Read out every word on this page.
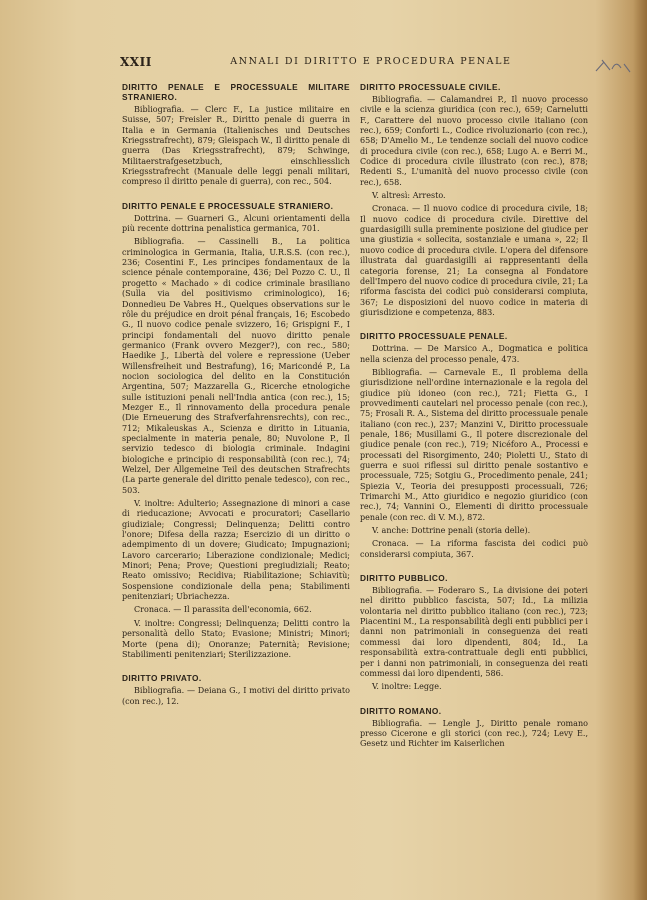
XXII	ANNALI DI DIRITTO E PROCEDURA PENALE
DIRITTO PENALE E PROCESSUALE MILITARE STRANIERO.

Bibliografia. — Clerc F., La justice militaire en Suisse, 507; Freisler R., Diritto penale di guerra in Italia e in Germania (Italienisches und Deutsches Kriegsstrafrecht), 879; Gleispach W., Il diritto penale di guerra (Das Kriegsstrafrecht), 879; Schwinge, Militaerstrafgesetzbuch, einschliesslich Kriegsstrafrecht (Manuale delle leggi penali militari, compreso il diritto penale di guerra), con rec., 504.

DIRITTO PENALE E PROCESSUALE STRANIERO.

Dottrina. — Guarneri G., Alcuni orientamenti della più recente dottrina penalistica germanica, 701.

Bibliografia. — Cassinelli B., La politica criminologica in Germania, Italia, U.R.S.S. (con rec.), 236; Cosentini F., Les principes fondamentaux de la science pénale contemporaine, 436; Del Pozzo C. U., Il progetto « Machado » di codice criminale brasiliano (Sulla via del positivismo criminologico), 16; Donnedieu De Vabres H., Quelques observations sur le rôle du préjudice en droit pénal français, 16; Escobedo G., Il nuovo codice penale svizzero, 16; Grispigni F., I principi fondamentali del nuovo diritto penale germanico (Frank ovvero Mezger?), con rec., 580; Haedike J., Libertà del volere e repressione (Ueber Willensfreiheit und Bestrafung), 16; Maricondé P., La nocion sociologica del delito en la Constitución Argentina, 507; Mazzarella G., Ricerche etnologiche sulle istituzioni penali nell'India antica (con rec.), 15; Mezger E., Il rinnovamento della procedura penale (Die Erneuerung des Strafverfahrensrechts), con rec., 712; Mikaleuskas A., Scienza e diritto in Lituania, specialmente in materia penale, 80; Nuvolone P., Il servizio tedesco di biologia criminale. Indagini biologiche e principio di responsabilità (con rec.), 74; Welzel, Der Allgemeine Teil des deutschen Strafrechts (La parte generale del diritto penale tedesco), con rec., 503.

V. inoltre: Adulterio; Assegnazione di minori a case di rieducazione; Avvocati e procuratori; Casellario giudiziale; Congressi; Delinquenza; Delitti contro l'onore; Difesa della razza; Esercizio di un diritto o adempimento di un dovere; Giudicato; Impugnazioni; Lavoro carcerario; Liberazione condizionale; Medici; Minori; Pena; Prove; Questioni pregiudiziali; Reato; Reato omissivo; Recidiva; Riabilitazione; Schiavitù; Sospensione condizionale della pena; Stabilimenti penitenziari; Ubriachezza.

Cronaca. — Il parassita dell'economia, 662.

V. inoltre: Congressi; Delinquenza; Delitti contro la personalità dello Stato; Evasione; Ministri; Minori; Morte (pena di); Onoranze; Paternità; Revisione; Stabilimenti penitenziari; Sterilizzazione.

DIRITTO PRIVATO.

Bibliografia. — Deiana G., I motivi del diritto privato (con rec.), 12.

DIRITTO PROCESSUALE CIVILE.

Bibliografia. — Calamandrei P., Il nuovo processo civile e la scienza giuridica (con rec.), 659; Carnelutti F., Carattere del nuovo processo civile italiano (con rec.), 659; Conforti L., Codice rivoluzionario (con rec.), 658; D'Amelio M., Le tendenze sociali del nuovo codice di procedura civile (con rec.), 658; Lugo A. e Berri M., Codice di procedura civile illustrato (con rec.), 878; Redenti S., L'umanità del nuovo processo civile (con rec.), 658.

V. altresì: Arresto.

Cronaca. — Il nuovo codice di procedura civile, 18; Il nuovo codice di procedura civile. Direttive del guardasigilli sulla preminente posizione del giudice per una giustizia « sollecita, sostanziale e umana », 22; Il nuovo codice di procedura civile. L'opera del difensore illustrata dal guardasigilli ai rappresentanti della categoria forense, 21; La consegna al Fondatore dell'Impero del nuovo codice di procedura civile, 21; La riforma fascista dei codici può considerarsi compiuta, 367; Le disposizioni del nuovo codice in materia di giurisdizione e competenza, 883.

DIRITTO PROCESSUALE PENALE.

Dottrina. — De Marsico A., Dogmatica e politica nella scienza del processo penale, 473.

Bibliografia. — Carnevale E., Il problema della giurisdizione nell'ordine internazionale e la regola del giudice più idoneo (con rec.), 721; Fietta G., I provvedimenti cautelari nel processo penale (con rec.), 75; Frosali R. A., Sistema del diritto processuale penale italiano (con rec.), 237; Manzini V., Diritto processuale penale, 186; Musillami G., Il potere discrezionale del giudice penale (con rec.), 719; Nicéforo A., Processi e processati del Risorgimento, 240; Pioletti U., Stato di guerra e suoi riflessi sul diritto penale sostantivo e processuale, 725; Sotgiu G., Procedimento penale, 241; Spiezia V., Teoria dei presupposti processuali, 726; Trimarchi M., Atto giuridico e negozio giuridico (con rec.), 74; Vannini O., Elementi di diritto processuale penale (con rec. di V. M.), 872.

V. anche: Dottrine penali (storia delle).

Cronaca. — La riforma fascista dei codici può considerarsi compiuta, 367.

DIRITTO PUBBLICO.

Bibliografia. — Foderaro S., La divisione dei poteri nel diritto pubblico fascista, 507; Id., La milizia volontaria nel diritto pubblico italiano (con rec.), 723; Piacentini M., La responsabilità degli enti pubblici per i danni non patrimoniali in conseguenza dei reati commessi dai loro dipendenti, 804; Id., La responsabilità extra-contrattuale degli enti pubblici, per i danni non patrimoniali, in conseguenza dei reati commessi dai loro dipendenti, 586.

V. inoltre: Legge.

DIRITTO ROMANO.

Bibliografia. — Lengle J., Diritto penale romano presso Cicerone e gli storici (con rec.), 724; Levy E., Gesetz und Richter im Kaiserlichen
